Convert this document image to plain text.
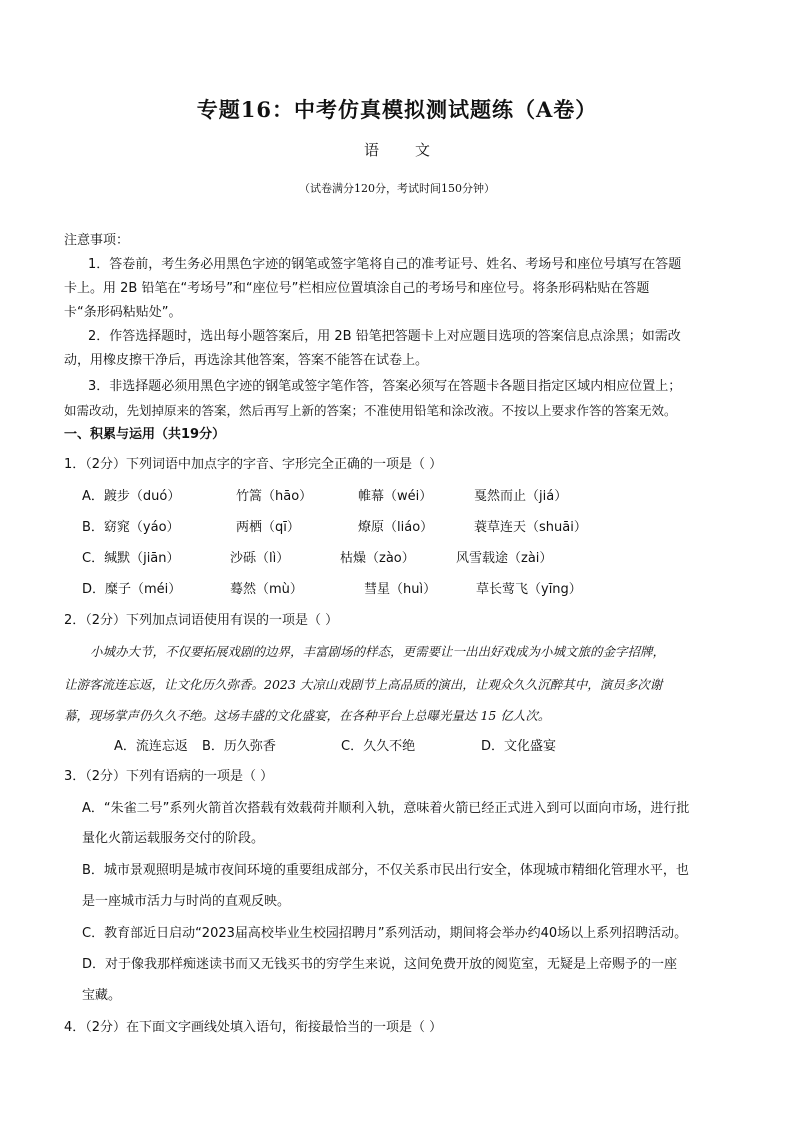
专题16：中考仿真模拟测试题练（A卷）
语 文
（试卷满分120分，考试时间150分钟）
注意事项：
1．答卷前，考生务必用黑色字迹的钢笔或签字笔将自己的准考证号、姓名、考场号和座位号填写在答题
卡上。用 2B 铅笔在“考场号”和“座位号”栏相应位置填涂自己的考场号和座位号。将条形码粘贴在答题
卡“条形码粘贴处”。
2．作答选择题时，选出每小题答案后，用 2B 铅笔把答题卡上对应题目选项的答案信息点涂黑；如需改
动，用橡皮擦干净后，再选涂其他答案，答案不能答在试卷上。
3．非选择题必须用黑色字迹的钢笔或签字笔作答，答案必须写在答题卡各题目指定区域内相应位置上；
如需改动，先划掉原来的答案，然后再写上新的答案；不准使用铅笔和涂改液。不按以上要求作答的答案无效。
一、积累与运用（共19分）
1．（2分）下列词语中加点字的字音、字形完全正确的一项是（ ）
A．踱步（duó）	竹篙（hāo）	帷幕（wéi）	戛然而止（jiá）
B．窈窕（yáo）	两栖（qī）	燎原（liáo）	蓑草连天（shuāi）
C．缄默（jiān）	沙砾（lì）	枯燥（zào）	风雪载途（zài）
D．糜子（méi）	蓦然（mù）	彗星（huì）	草长莺飞（yīng）
2．（2分）下列加点词语使用有误的一项是（ ）
小城办大节，不仅要拓展戏剧的边界，丰富剧场的样态，更需要让一出出好戏成为小城文旅的金字招牌，
让游客流连忘返，让文化历久弥香。2023 大凉山戏剧节上高品质的演出，让观众久久沉醉其中，演员多次谢
幕，现场掌声仍久久不绝。这场丰盛的文化盛宴，在各种平台上总曝光量达 15 亿人次。
A．流连忘返 B．历久弥香	C．久久不绝	D．文化盛宴
3．（2分）下列有语病的一项是（ ）
A．“朱雀二号”系列火箭首次搭载有效载荷并顺利入轨，意味着火箭已经正式进入到可以面向市场，进行批
量化火箭运载服务交付的阶段。
B．城市景观照明是城市夜间环境的重要组成部分，不仅关系市民出行安全，体现城市精细化管理水平，也
是一座城市活力与时尚的直观反映。
C．教育部近日启动“2023届高校毕业生校园招聘月”系列活动，期间将会举办约40场以上系列招聘活动。
D．对于像我那样痴迷读书而又无钱买书的穷学生来说，这间免费开放的阅览室，无疑是上帝赐予的一座
宝藏。
4．（2分）在下面文字画线处填入语句，衔接最恰当的一项是（ ）
